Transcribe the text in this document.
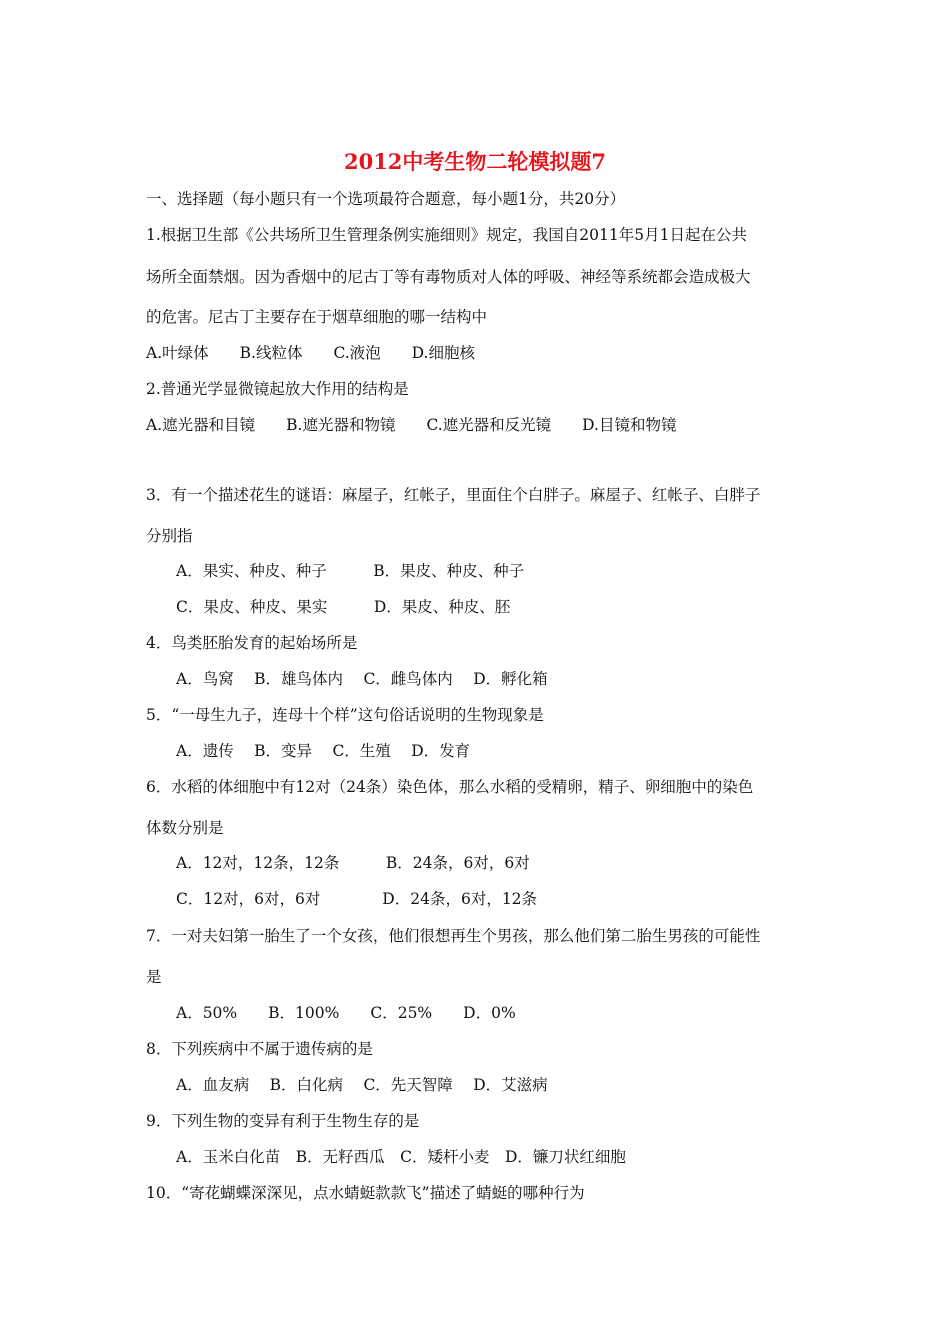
2012中考生物二轮模拟题7
一、选择题（每小题只有一个选项最符合题意，每小题1分，共20分）
1.根据卫生部《公共场所卫生管理条例实施细则》规定，我国自2011年5月1日起在公共
场所全面禁烟。因为香烟中的尼古丁等有毒物质对人体的呼吸、神经等系统都会造成极大
的危害。尼古丁主要存在于烟草细胞的哪一结构中
A.叶绿体　　B.线粒体　　C.液泡　　D.细胞核
2.普通光学显微镜起放大作用的结构是
A.遮光器和目镜　　B.遮光器和物镜　　C.遮光器和反光镜　　D.目镜和物镜
3．有一个描述花生的谜语：麻屋子，红帐子，里面住个白胖子。麻屋子、红帐子、白胖子
分别指
A．果实、种皮、种子　　　B．果皮、种皮、种子
C．果皮、种皮、果实　　　D．果皮、种皮、胚
4．鸟类胚胎发育的起始场所是
A．鸟窝　 B．雄鸟体内　 C．雌鸟体内　 D．孵化箱
5．“一母生九子，连母十个样”这句俗话说明的生物现象是
A．遗传　 B．变异　 C．生殖　 D．发育
6．水稻的体细胞中有12对（24条）染色体，那么水稻的受精卵，精子、卵细胞中的染色
体数分别是
A．12对，12条，12条　　　B．24条，6对，6对
C．12对，6对，6对　　　　D．24条，6对，12条
7．一对夫妇第一胎生了一个女孩，他们很想再生个男孩，那么他们第二胎生男孩的可能性
是
A．50%　　B．100%　　C．25%　　D．0%
8．下列疾病中不属于遗传病的是
A．血友病　 B．白化病　 C．先天智障　 D．艾滋病
9．下列生物的变异有利于生物生存的是
A．玉米白化苗　B．无籽西瓜　C．矮杆小麦　D．镰刀状红细胞
10．“寄花蝴蝶深深见，点水蜻蜓款款飞”描述了蜻蜓的哪种行为
